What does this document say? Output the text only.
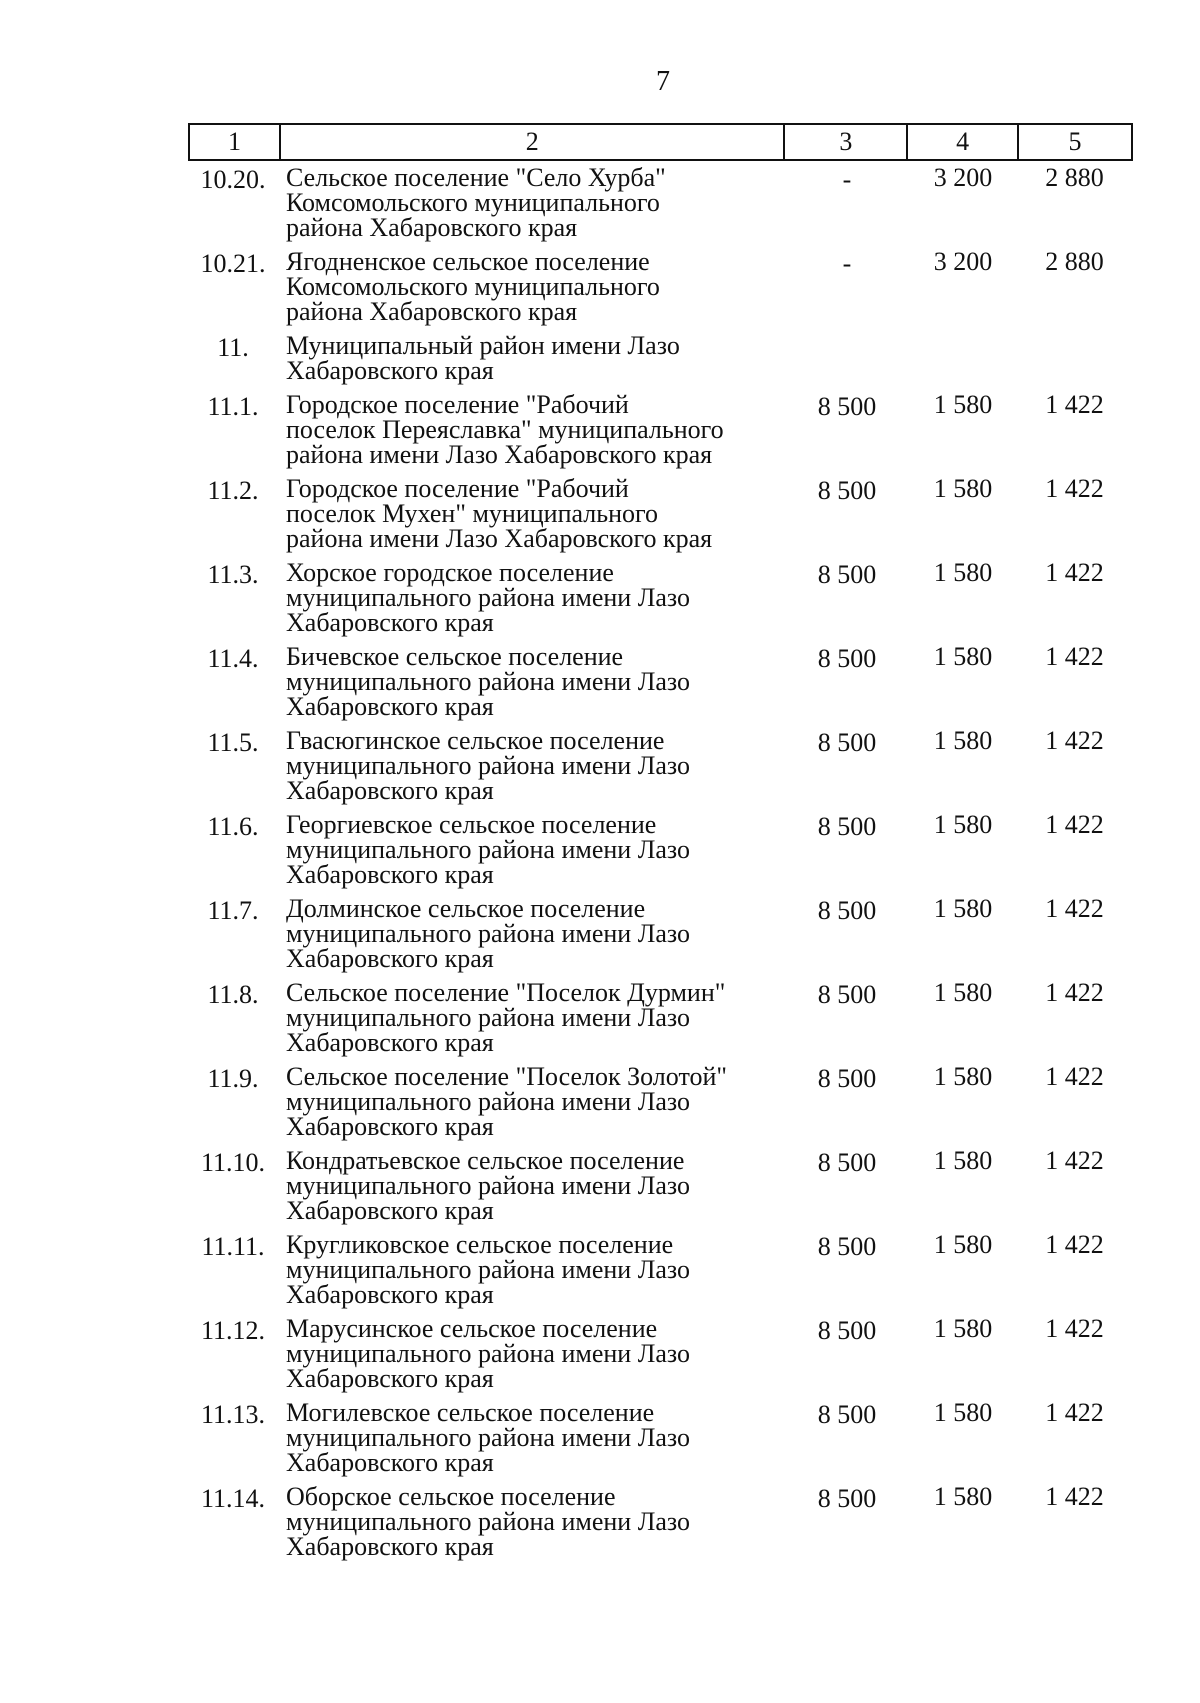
7
1	2	3	4	5
10.20. Сельское поселение "Село Хурба"
Комсомольского муниципального
района Хабаровского края
-	3 200	2 880
10.21. Ягодненское сельское поселение
Комсомольского муниципального
района Хабаровского края
-	3 200	2 880
11.	Муниципальный район имени Лазо
Хабаровского края
11.1.	Городское поселение "Рабочий
поселок Переяславка" муниципального
района имени Лазо Хабаровского края
8 500	1 580	1 422
11.2.	Городское поселение "Рабочий
поселок Мухен" муниципального
района имени Лазо Хабаровского края
8 500	1 580	1 422
11.3.	Хорское городское поселение
муниципального района имени Лазо
Хабаровского края
8 500	1 580	1 422
11.4.	Бичевское сельское поселение
муниципального района имени Лазо
Хабаровского края
8 500	1 580	1 422
11.5.	Гвасюгинское сельское поселение
муниципального района имени Лазо
Хабаровского края
8 500	1 580	1 422
11.6.	Георгиевское сельское поселение
муниципального района имени Лазо
Хабаровского края
8 500	1 580	1 422
11.7.	Долминское сельское поселение
муниципального района имени Лазо
Хабаровского края
8 500	1 580	1 422
11.8.	Сельское поселение "Поселок Дурмин"
муниципального района имени Лазо
Хабаровского края
8 500	1 580	1 422
11.9.	Сельское поселение "Поселок Золотой"
муниципального района имени Лазо
Хабаровского края
8 500	1 580	1 422
11.10. Кондратьевское сельское поселение
муниципального района имени Лазо
Хабаровского края
8 500	1 580	1 422
11.11. Кругликовское сельское поселение
муниципального района имени Лазо
Хабаровского края
8 500	1 580	1 422
11.12. Марусинское сельское поселение
муниципального района имени Лазо
Хабаровского края
8 500	1 580	1 422
11.13. Могилевское сельское поселение
муниципального района имени Лазо
Хабаровского края
8 500	1 580	1 422
11.14. Оборское сельское поселение
муниципального района имени Лазо
Хабаровского края
8 500	1 580	1 422
